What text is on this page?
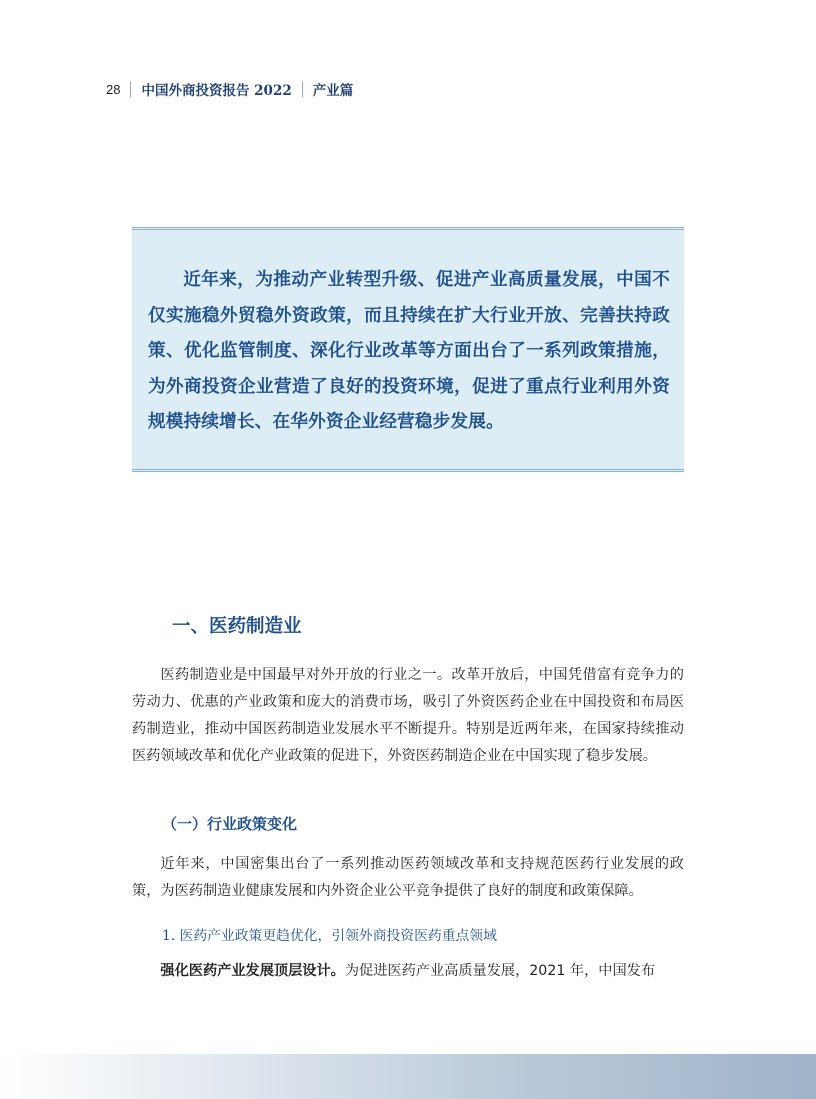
28 中国外商投资报告 2022 产业篇
近年来，为推动产业转型升级、促进产业高质量发展，中国不仅实施稳外贸稳外资政策，而且持续在扩大行业开放、完善扶持政策、优化监管制度、深化行业改革等方面出台了一系列政策措施，为外商投资企业营造了良好的投资环境，促进了重点行业利用外资规模持续增长、在华外资企业经营稳步发展。
一、医药制造业
医药制造业是中国最早对外开放的行业之一。改革开放后，中国凭借富有竞争力的劳动力、优惠的产业政策和庞大的消费市场，吸引了外资医药企业在中国投资和布局医药制造业，推动中国医药制造业发展水平不断提升。特别是近两年来，在国家持续推动医药领域改革和优化产业政策的促进下，外资医药制造企业在中国实现了稳步发展。
（一）行业政策变化
近年来，中国密集出台了一系列推动医药领域改革和支持规范医药行业发展的政策，为医药制造业健康发展和内外资企业公平竞争提供了良好的制度和政策保障。
1. 医药产业政策更趋优化，引领外商投资医药重点领域
强化医药产业发展顶层设计。为促进医药产业高质量发展，2021 年，中国发布
